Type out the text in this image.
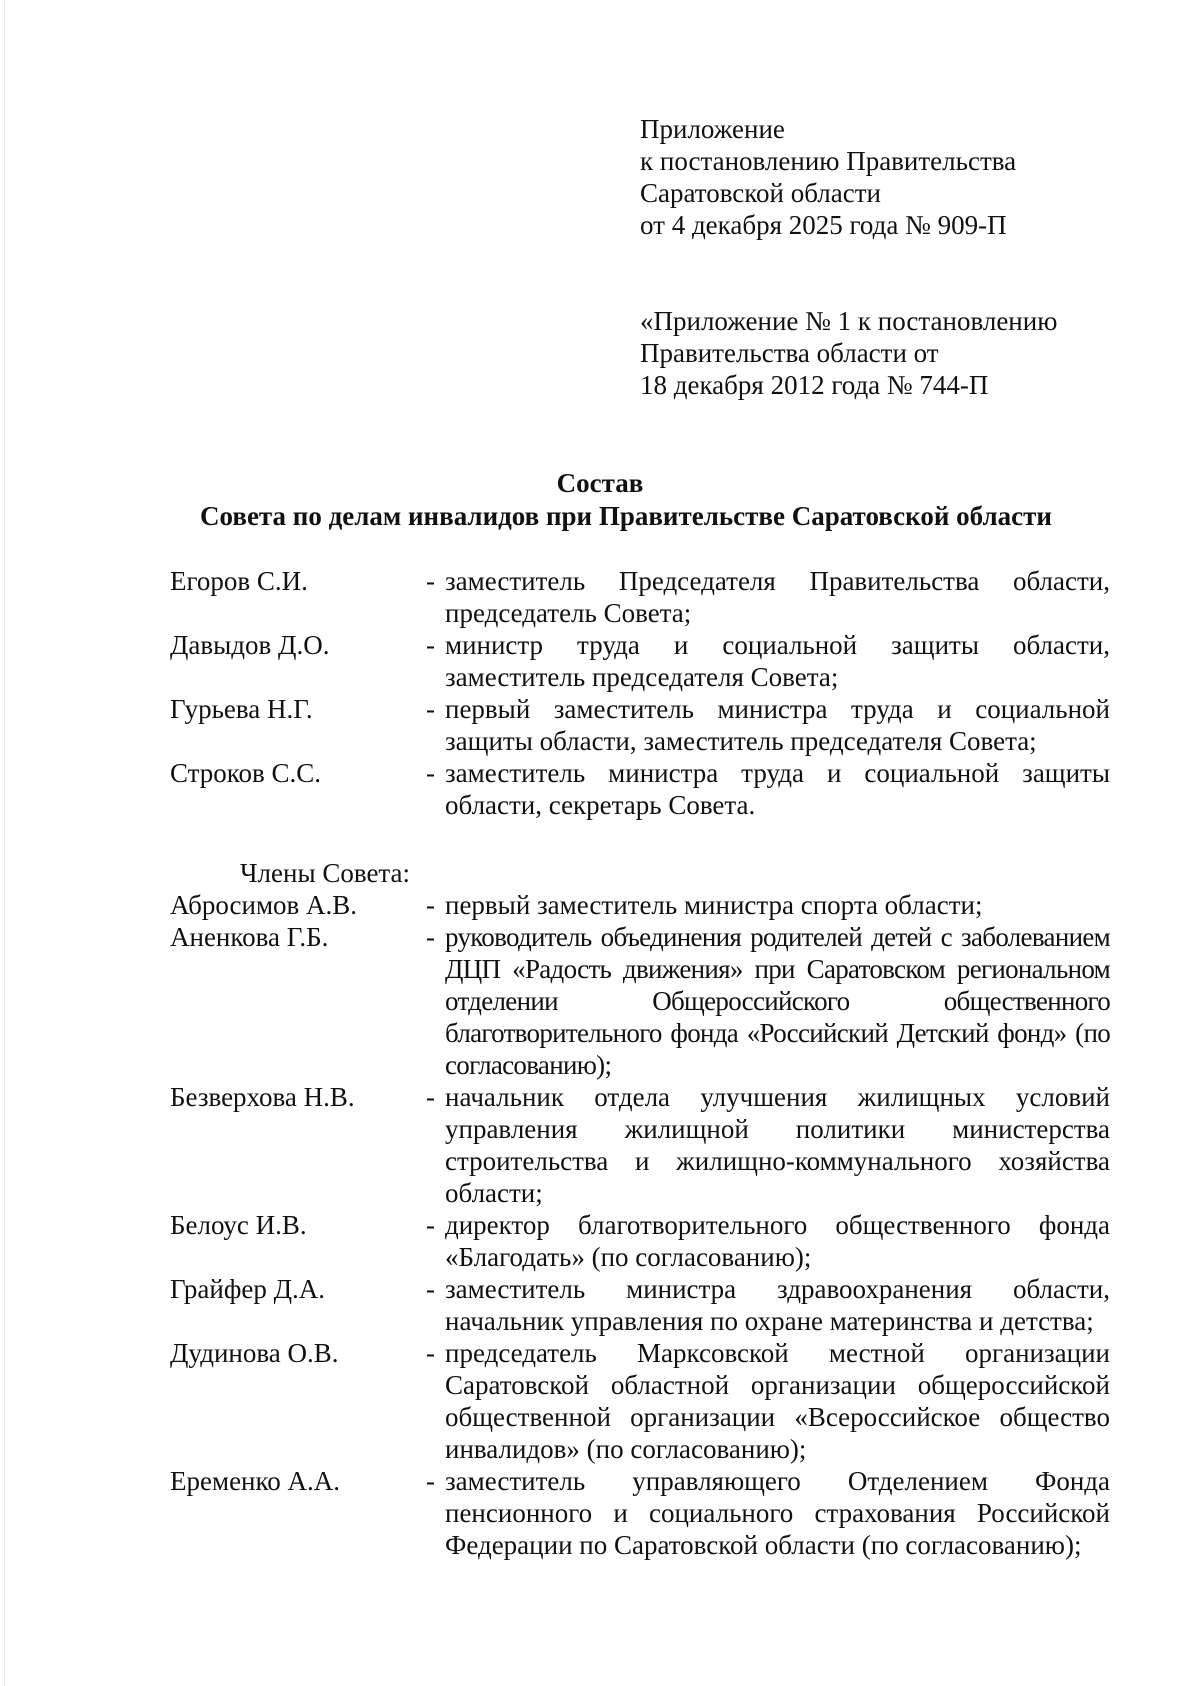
Приложение
к постановлению Правительства
Саратовской области
от 4 декабря 2025 года № 909-П
«Приложение № 1 к постановлению
Правительства области от
18 декабря 2012 года № 744-П
Состав
Совета по делам инвалидов при Правительстве Саратовской области
Егоров С.И.	- заместитель Председателя Правительства области, председатель Совета;
Давыдов Д.О.	- министр труда и социальной защиты области, заместитель председателя Совета;
Гурьева Н.Г.	- первый заместитель министра труда и социальной защиты области, заместитель председателя Совета;
Строков С.С.	- заместитель министра труда и социальной защиты области, секретарь Совета.
Члены Совета:
Абросимов А.В.	- первый заместитель министра спорта области;
Аненкова Г.Б.	- руководитель объединения родителей детей с заболеванием ДЦП «Радость движения» при Саратовском региональном отделении Общероссийского общественного благотворительного фонда «Российский Детский фонд» (по согласованию);
Безверхова Н.В.	- начальник отдела улучшения жилищных условий управления жилищной политики министерства строительства и жилищно-коммунального хозяйства области;
Белоус И.В.	- директор благотворительного общественного фонда «Благодать» (по согласованию);
Грайфер Д.А.	- заместитель министра здравоохранения области, начальник управления по охране материнства и детства;
Дудинова О.В.	- председатель Марксовской местной организации Саратовской областной организации общероссийской общественной организации «Всероссийское общество инвалидов» (по согласованию);
Еременко А.А.	- заместитель управляющего Отделением Фонда пенсионного и социального страхования Российской Федерации по Саратовской области (по согласованию);
